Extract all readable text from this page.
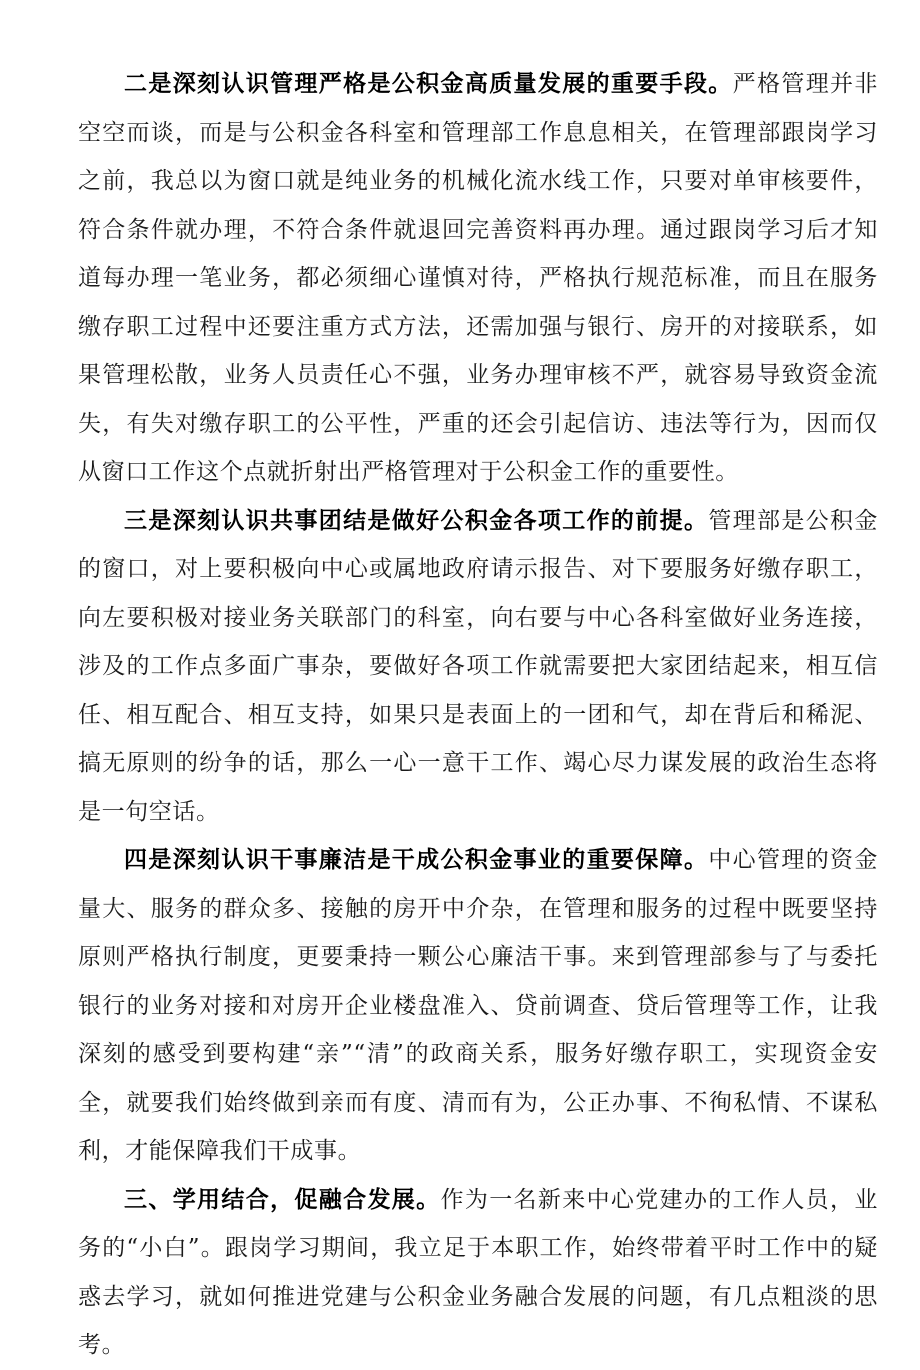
二是深刻认识管理严格是公积金高质量发展的重要手段。严格管理并非空空而谈，而是与公积金各科室和管理部工作息息相关，在管理部跟岗学习之前，我总以为窗口就是纯业务的机械化流水线工作，只要对单审核要件，符合条件就办理，不符合条件就退回完善资料再办理。通过跟岗学习后才知道每办理一笔业务，都必须细心谨慎对待，严格执行规范标准，而且在服务缴存职工过程中还要注重方式方法，还需加强与银行、房开的对接联系，如果管理松散，业务人员责任心不强，业务办理审核不严，就容易导致资金流失，有失对缴存职工的公平性，严重的还会引起信访、违法等行为，因而仅从窗口工作这个点就折射出严格管理对于公积金工作的重要性。

三是深刻认识共事团结是做好公积金各项工作的前提。管理部是公积金的窗口，对上要积极向中心或属地政府请示报告、对下要服务好缴存职工，向左要积极对接业务关联部门的科室，向右要与中心各科室做好业务连接，涉及的工作点多面广事杂，要做好各项工作就需要把大家团结起来，相互信任、相互配合、相互支持，如果只是表面上的一团和气，却在背后和稀泥、搞无原则的纷争的话，那么一心一意干工作、竭心尽力谋发展的政治生态将是一句空话。

四是深刻认识干事廉洁是干成公积金事业的重要保障。中心管理的资金量大、服务的群众多、接触的房开中介杂，在管理和服务的过程中既要坚持原则严格执行制度，更要秉持一颗公心廉洁干事。来到管理部参与了与委托银行的业务对接和对房开企业楼盘准入、贷前调查、贷后管理等工作，让我深刻的感受到要构建“亲”“清”的政商关系，服务好缴存职工，实现资金安全，就要我们始终做到亲而有度、清而有为，公正办事、不徇私情、不谋私利，才能保障我们干成事。

三、学用结合，促融合发展。作为一名新来中心党建办的工作人员，业务的“小白”。跟岗学习期间，我立足于本职工作，始终带着平时工作中的疑惑去学习，就如何推进党建与公积金业务融合发展的问题，有几点粗淡的思考。
